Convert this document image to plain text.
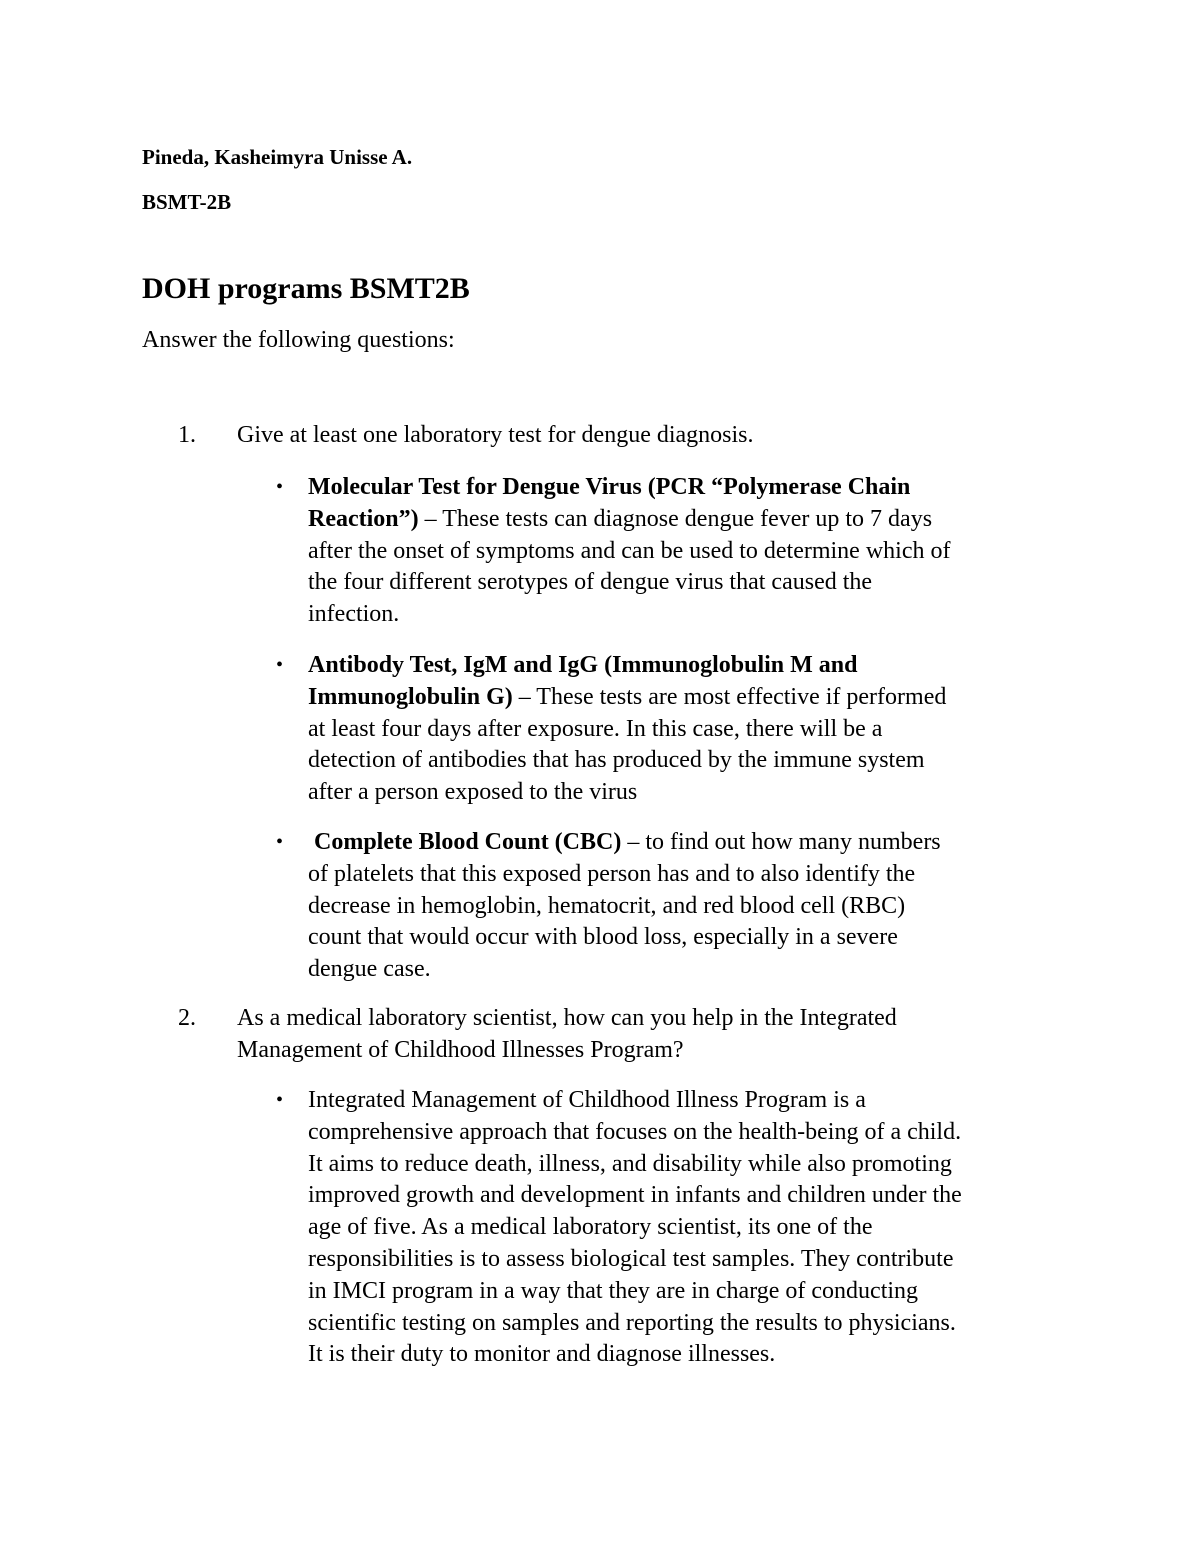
Pineda, Kasheimyra Unisse A.
BSMT-2B
DOH programs BSMT2B
Answer the following questions:
1. Give at least one laboratory test for dengue diagnosis.
• Molecular Test for Dengue Virus (PCR “Polymerase Chain
Reaction”) – These tests can diagnose dengue fever up to 7 days
after the onset of symptoms and can be used to determine which of
the four different serotypes of dengue virus that caused the
infection.
• Antibody Test, IgM and IgG (Immunoglobulin M and
Immunoglobulin G) – These tests are most effective if performed
at least four days after exposure. In this case, there will be a
detection of antibodies that has produced by the immune system
after a person exposed to the virus
• Complete Blood Count (CBC) – to find out how many numbers
of platelets that this exposed person has and to also identify the
decrease in hemoglobin, hematocrit, and red blood cell (RBC)
count that would occur with blood loss, especially in a severe
dengue case.
2. As a medical laboratory scientist, how can you help in the Integrated
Management of Childhood Illnesses Program?
• Integrated Management of Childhood Illness Program is a
comprehensive approach that focuses on the health-being of a child.
It aims to reduce death, illness, and disability while also promoting
improved growth and development in infants and children under the
age of five. As a medical laboratory scientist, its one of the
responsibilities is to assess biological test samples. They contribute
in IMCI program in a way that they are in charge of conducting
scientific testing on samples and reporting the results to physicians.
It is their duty to monitor and diagnose illnesses.
